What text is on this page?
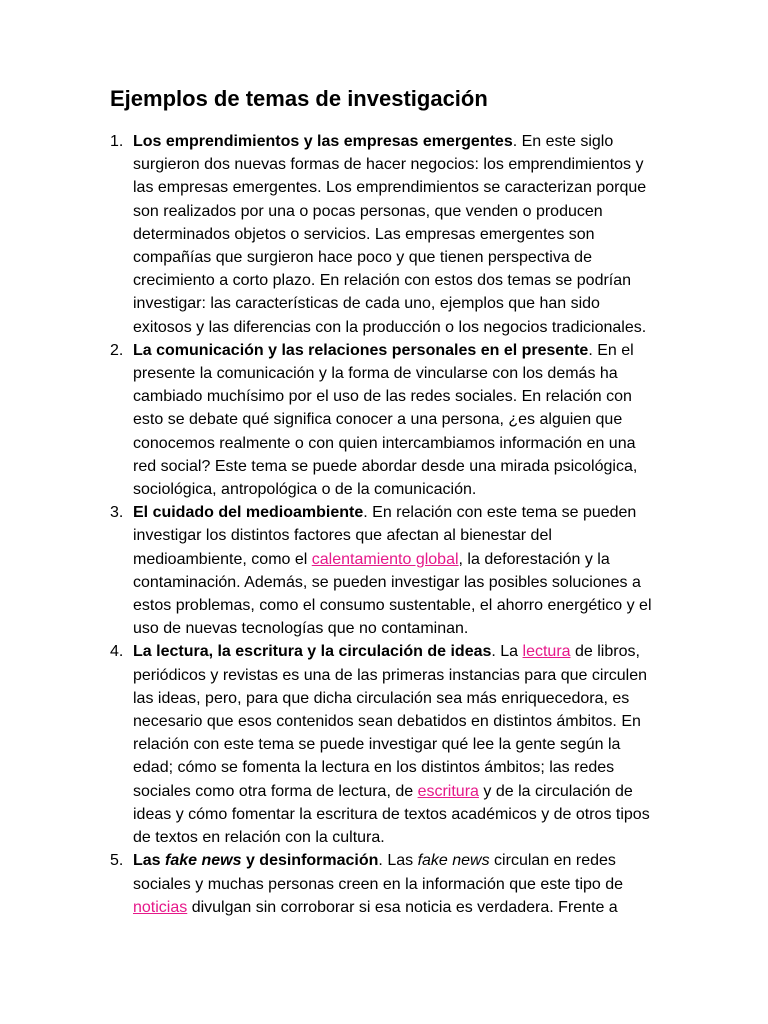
Ejemplos de temas de investigación
1. Los emprendimientos y las empresas emergentes. En este siglo surgieron dos nuevas formas de hacer negocios: los emprendimientos y las empresas emergentes. Los emprendimientos se caracterizan porque son realizados por una o pocas personas, que venden o producen determinados objetos o servicios. Las empresas emergentes son compañías que surgieron hace poco y que tienen perspectiva de crecimiento a corto plazo. En relación con estos dos temas se podrían investigar: las características de cada uno, ejemplos que han sido exitosos y las diferencias con la producción o los negocios tradicionales.
2. La comunicación y las relaciones personales en el presente. En el presente la comunicación y la forma de vincularse con los demás ha cambiado muchísimo por el uso de las redes sociales. En relación con esto se debate qué significa conocer a una persona, ¿es alguien que conocemos realmente o con quien intercambiamos información en una red social? Este tema se puede abordar desde una mirada psicológica, sociológica, antropológica o de la comunicación.
3. El cuidado del medioambiente. En relación con este tema se pueden investigar los distintos factores que afectan al bienestar del medioambiente, como el calentamiento global, la deforestación y la contaminación. Además, se pueden investigar las posibles soluciones a estos problemas, como el consumo sustentable, el ahorro energético y el uso de nuevas tecnologías que no contaminan.
4. La lectura, la escritura y la circulación de ideas. La lectura de libros, periódicos y revistas es una de las primeras instancias para que circulen las ideas, pero, para que dicha circulación sea más enriquecedora, es necesario que esos contenidos sean debatidos en distintos ámbitos. En relación con este tema se puede investigar qué lee la gente según la edad; cómo se fomenta la lectura en los distintos ámbitos; las redes sociales como otra forma de lectura, de escritura y de la circulación de ideas y cómo fomentar la escritura de textos académicos y de otros tipos de textos en relación con la cultura.
5. Las fake news y desinformación. Las fake news circulan en redes sociales y muchas personas creen en la información que este tipo de noticias divulgan sin corroborar si esa noticia es verdadera. Frente a
